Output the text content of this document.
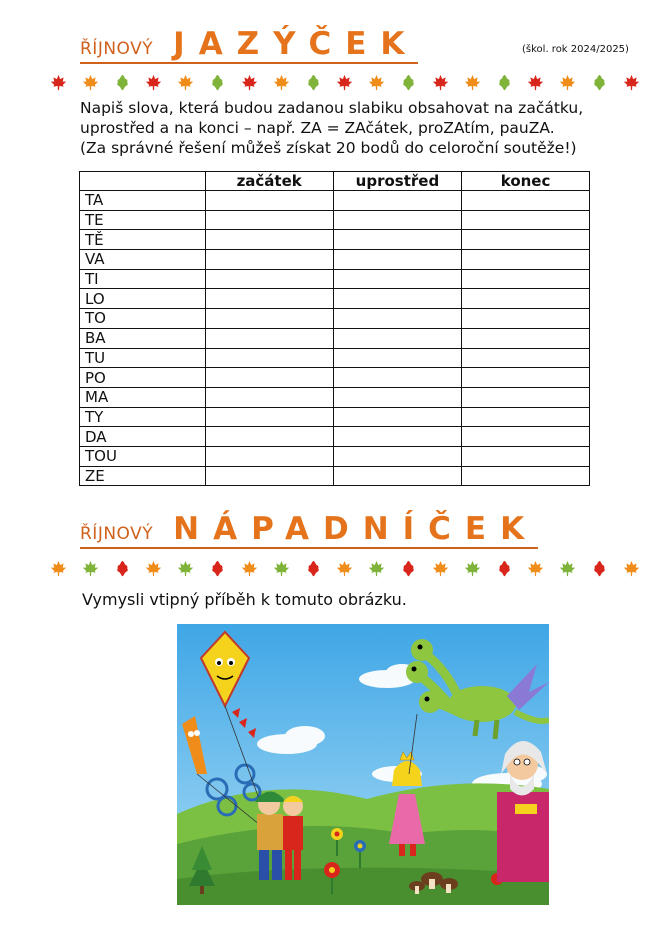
ŘÍJNOVÝ JAZÝČEK	(škol. rok 2024/2025)
Napiš slova, která budou zadanou slabiku obsahovat na začátku,
uprostřed a na konci – např. ZA = ZAčátek, proZAtím, pauZA.
(Za správné řešení můžeš získat 20 bodů do celoroční soutěže!)
	začátek	uprostřed	konec
TA			
TE			
TĚ			
VA			
TI			
LO			
TO			
BA			
TU			
PO			
MA			
TY			
DA			
TOU			
ZE			
ŘÍJNOVÝ NÁPADNÍČEK
Vymysli vtipný příběh k tomuto obrázku.
